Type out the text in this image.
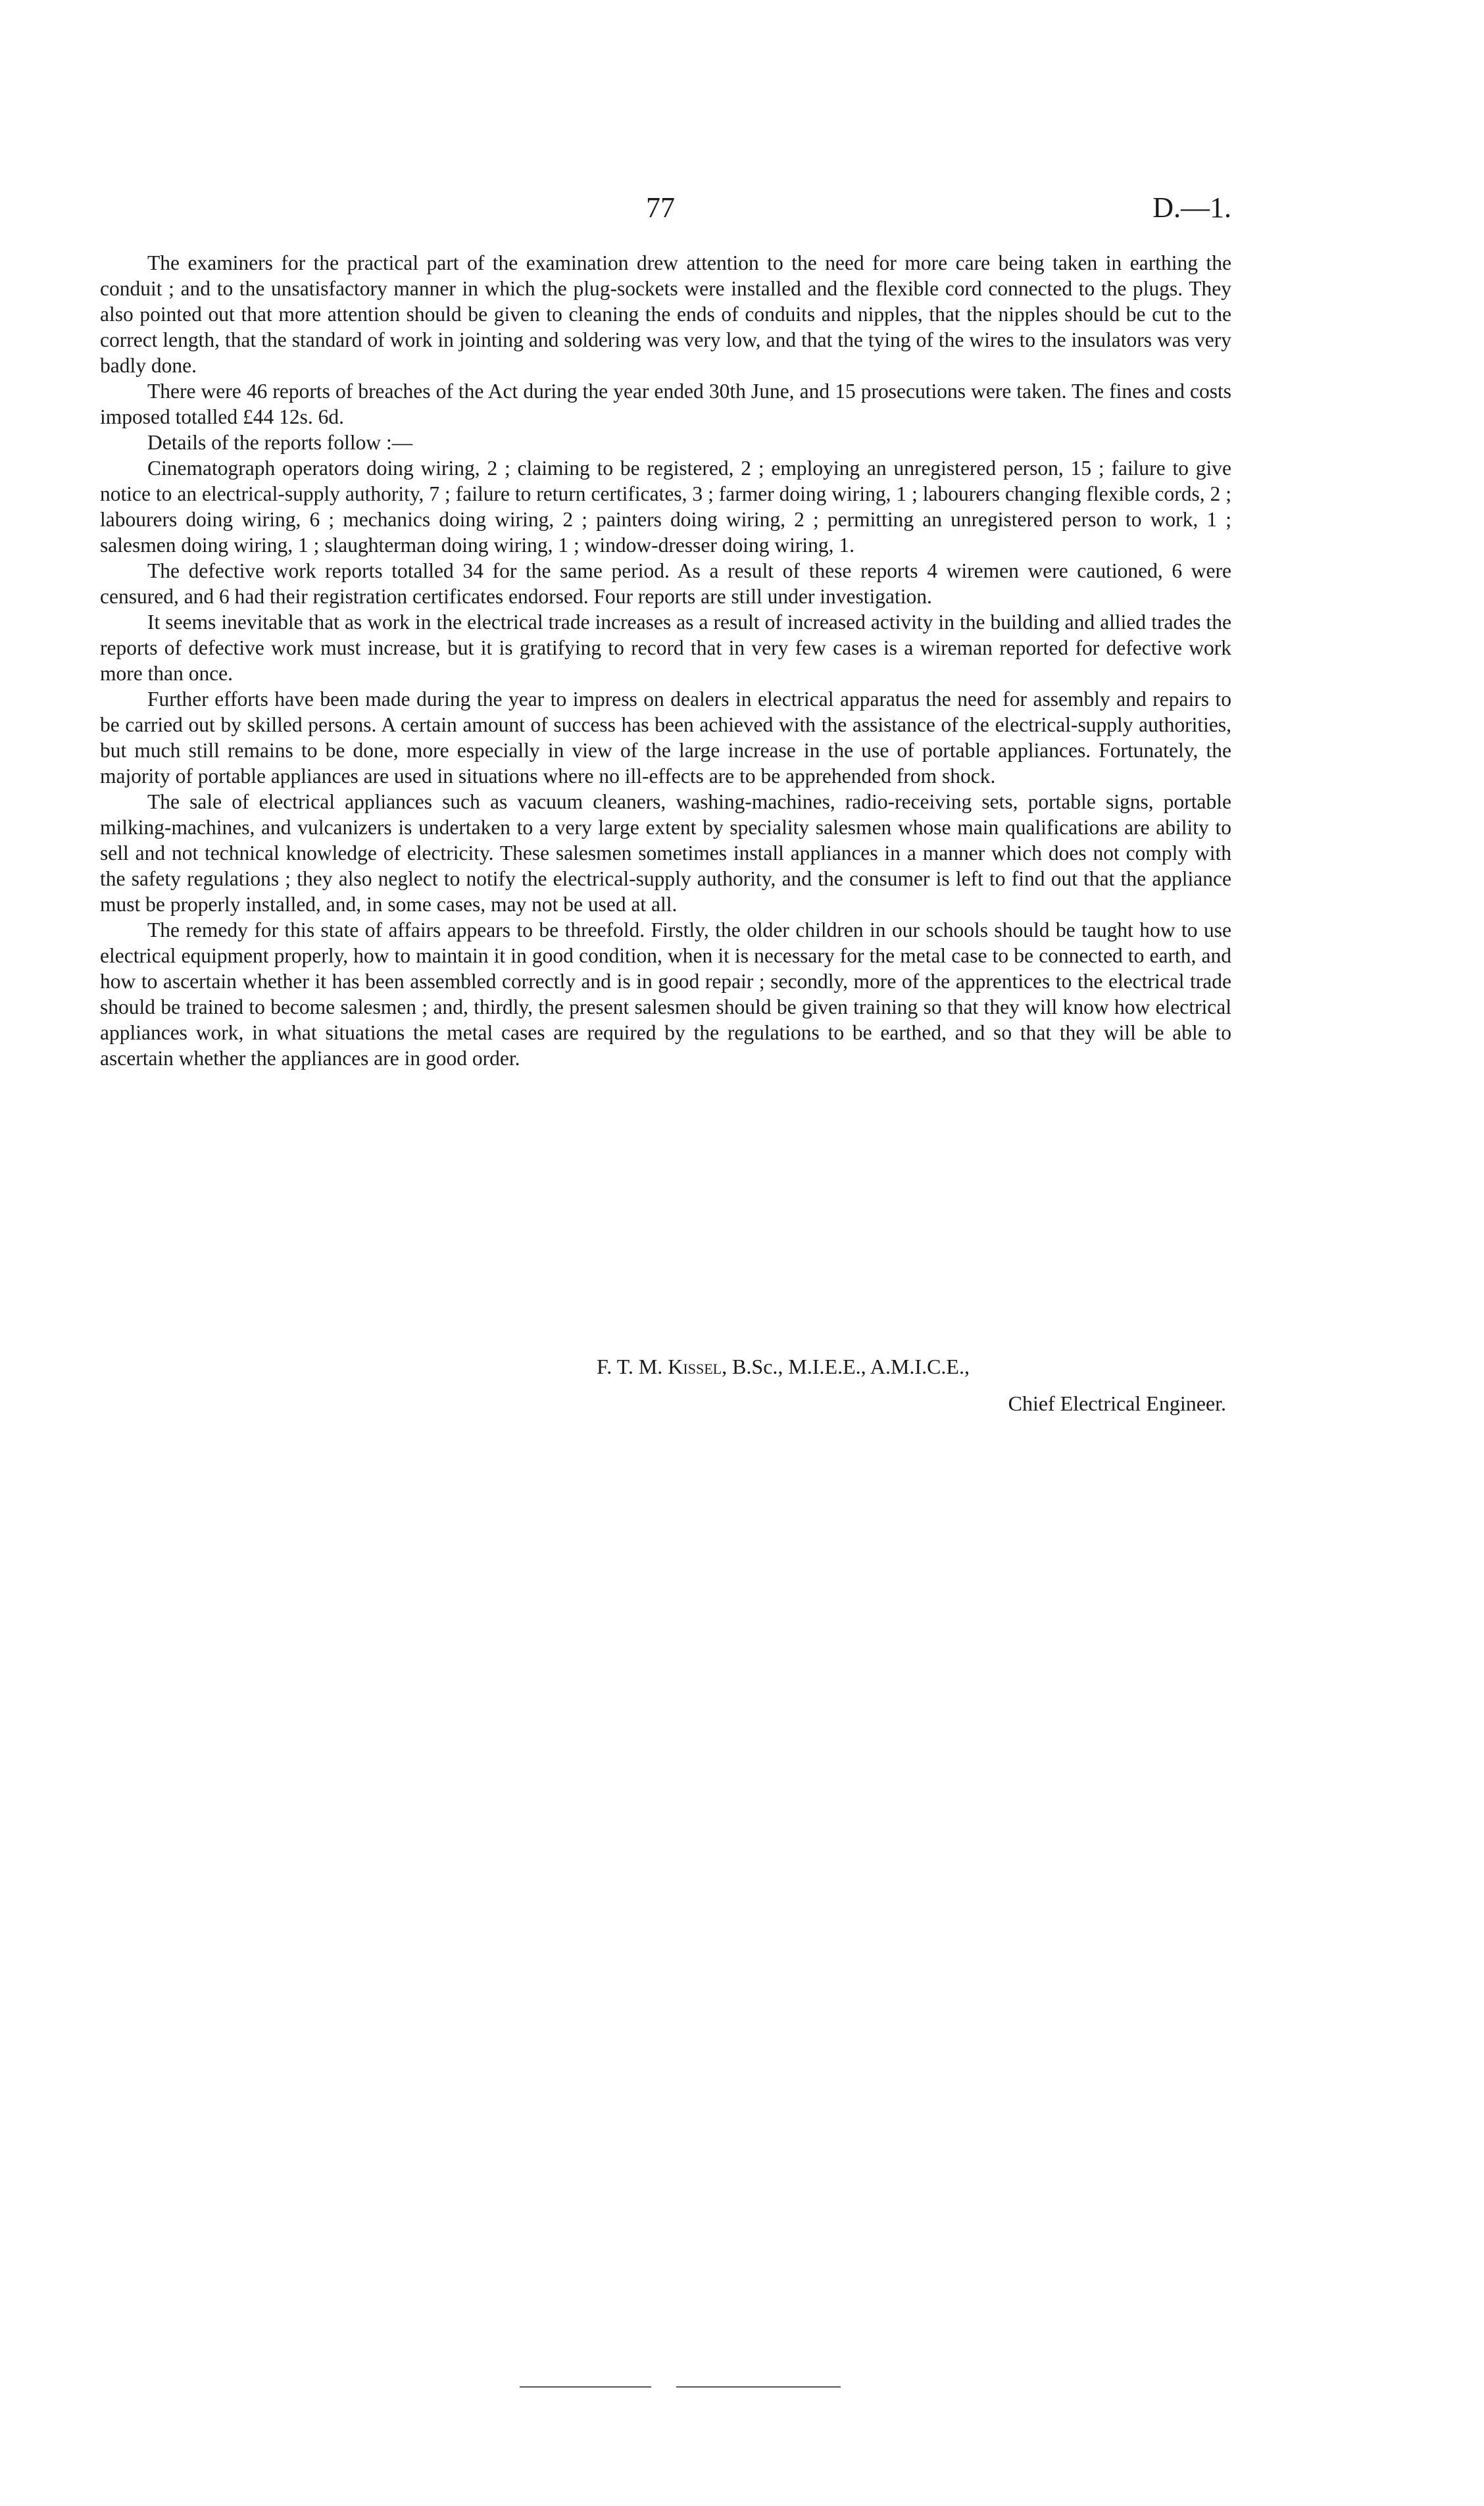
77	D.—1.

The examiners for the practical part of the examination drew attention to the need for more care being taken in earthing the conduit ; and to the unsatisfactory manner in which the plug-sockets were installed and the flexible cord connected to the plugs. They also pointed out that more attention should be given to cleaning the ends of conduits and nipples, that the nipples should be cut to the correct length, that the standard of work in jointing and soldering was very low, and that the tying of the wires to the insulators was very badly done.

There were 46 reports of breaches of the Act during the year ended 30th June, and 15 prosecutions were taken. The fines and costs imposed totalled £44 12s. 6d.

Details of the reports follow :—

Cinematograph operators doing wiring, 2 ; claiming to be registered, 2 ; employing an unregistered person, 15 ; failure to give notice to an electrical-supply authority, 7 ; failure to return certificates, 3 ; farmer doing wiring, 1 ; labourers changing flexible cords, 2 ; labourers doing wiring, 6 ; mechanics doing wiring, 2 ; painters doing wiring, 2 ; permitting an unregistered person to work, 1 ; salesmen doing wiring, 1 ; slaughterman doing wiring, 1 ; window-dresser doing wiring, 1.

The defective work reports totalled 34 for the same period. As a result of these reports 4 wiremen were cautioned, 6 were censured, and 6 had their registration certificates endorsed. Four reports are still under investigation.

It seems inevitable that as work in the electrical trade increases as a result of increased activity in the building and allied trades the reports of defective work must increase, but it is gratifying to record that in very few cases is a wireman reported for defective work more than once.

Further efforts have been made during the year to impress on dealers in electrical apparatus the need for assembly and repairs to be carried out by skilled persons. A certain amount of success has been achieved with the assistance of the electrical-supply authorities, but much still remains to be done, more especially in view of the large increase in the use of portable appliances. Fortunately, the majority of portable appliances are used in situations where no ill-effects are to be apprehended from shock.

The sale of electrical appliances such as vacuum cleaners, washing-machines, radio-receiving sets, portable signs, portable milking-machines, and vulcanizers is undertaken to a very large extent by speciality salesmen whose main qualifications are ability to sell and not technical knowledge of electricity. These salesmen sometimes install appliances in a manner which does not comply with the safety regulations ; they also neglect to notify the electrical-supply authority, and the consumer is left to find out that the appliance must be properly installed, and, in some cases, may not be used at all.

The remedy for this state of affairs appears to be threefold. Firstly, the older children in our schools should be taught how to use electrical equipment properly, how to maintain it in good condition, when it is necessary for the metal case to be connected to earth, and how to ascertain whether it has been assembled correctly and is in good repair ; secondly, more of the apprentices to the electrical trade should be trained to become salesmen ; and, thirdly, the present salesmen should be given training so that they will know how electrical appliances work, in what situations the metal cases are required by the regulations to be earthed, and so that they will be able to ascertain whether the appliances are in good order.

F. T. M. Kissel, B.Sc., M.I.E.E., A.M.I.C.E.,
Chief Electrical Engineer.
